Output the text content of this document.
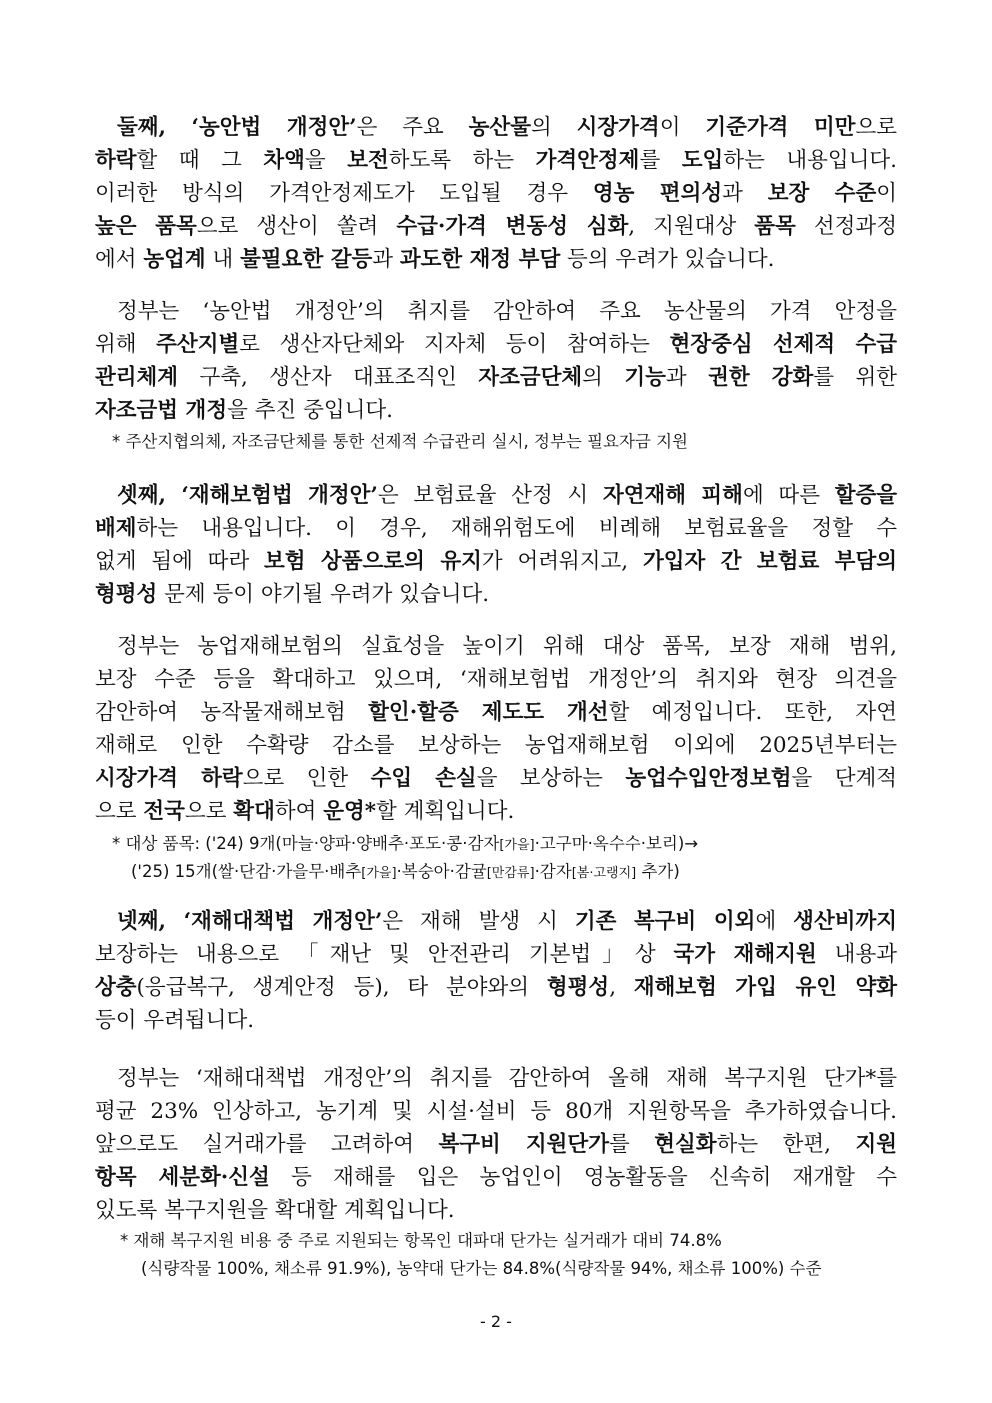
둘째, ‘농안법 개정안’은 주요 농산물의 시장가격이 기준가격 미만으로
하락할 때 그 차액을 보전하도록 하는 가격안정제를 도입하는 내용입니다.
이러한 방식의 가격안정제도가 도입될 경우 영농 편의성과 보장 수준이
높은 품목으로 생산이 쏠려 수급·가격 변동성 심화, 지원대상 품목 선정과정
에서 농업계 내 불필요한 갈등과 과도한 재정 부담 등의 우려가 있습니다.
정부는 ‘농안법 개정안’의 취지를 감안하여 주요 농산물의 가격 안정을
위해 주산지별로 생산자단체와 지자체 등이 참여하는 현장중심 선제적 수급
관리체계 구축, 생산자 대표조직인 자조금단체의 기능과 권한 강화를 위한
자조금법 개정을 추진 중입니다.
* 주산지협의체, 자조금단체를 통한 선제적 수급관리 실시, 정부는 필요자금 지원
셋째, ‘재해보험법 개정안’은 보험료율 산정 시 자연재해 피해에 따른 할증을
배제하는 내용입니다. 이 경우, 재해위험도에 비례해 보험료율을 정할 수
없게 됨에 따라 보험 상품으로의 유지가 어려워지고, 가입자 간 보험료 부담의
형평성 문제 등이 야기될 우려가 있습니다.
정부는 농업재해보험의 실효성을 높이기 위해 대상 품목, 보장 재해 범위,
보장 수준 등을 확대하고 있으며, ‘재해보험법 개정안’의 취지와 현장 의견을
감안하여 농작물재해보험 할인·할증 제도도 개선할 예정입니다. 또한, 자연
재해로 인한 수확량 감소를 보상하는 농업재해보험 이외에 2025년부터는
시장가격 하락으로 인한 수입 손실을 보상하는 농업수입안정보험을 단계적
으로 전국으로 확대하여 운영*할 계획입니다.
* 대상 품목: ('24) 9개(마늘·양파·양배추·포도·콩·감자[가을]·고구마·옥수수·보리)→
('25) 15개(쌀·단감·가을무·배추[가을]·복숭아·감귤[만감류]·감자[봄·고랭지] 추가)
넷째, ‘재해대책법 개정안’은 재해 발생 시 기존 복구비 이외에 생산비까지
보장하는 내용으로 「재난 및 안전관리 기본법」상 국가 재해지원 내용과
상충(응급복구, 생계안정 등), 타 분야와의 형평성, 재해보험 가입 유인 약화
등이 우려됩니다.
정부는 ‘재해대책법 개정안’의 취지를 감안하여 올해 재해 복구지원 단가*를
평균 23% 인상하고, 농기계 및 시설·설비 등 80개 지원항목을 추가하였습니다.
앞으로도 실거래가를 고려하여 복구비 지원단가를 현실화하는 한편, 지원
항목 세분화·신설 등 재해를 입은 농업인이 영농활동을 신속히 재개할 수
있도록 복구지원을 확대할 계획입니다.
* 재해 복구지원 비용 중 주로 지원되는 항목인 대파대 단가는 실거래가 대비 74.8%
(식량작물 100%, 채소류 91.9%), 농약대 단가는 84.8%(식량작물 94%, 채소류 100%) 수준
- 2 -
